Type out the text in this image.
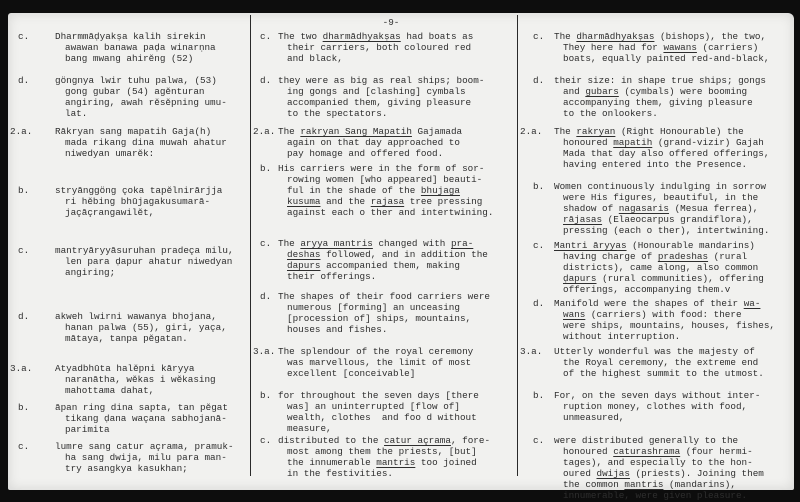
-9-
c.	Dharmmāḍyakṣa kalih sirekin
awawan banawa paḍa winarṇna
bang mwang ahirĕng (52)
d.	göngnya lwir tuhu palwa, (53)
gong gubar (54) agĕnturan
angiring, awah rĕsĕpning umu-
lat.
2.a. Rākryan sang mapatih Gaja(h)
mada rikang dina muwah ahatur
niwedyan umarĕk:
b.	stryānggöng çoka tapĕlnirārjja
ri hĕbing bhūjagakusumarā-
jaçāçrangawilĕt,
c.	mantryāryyāsuruhan pradeça milu,
len para ḍapur ahatur niwedyan
angiring;
d.	akweh lwirni wawanya bhojana,
hanan palwa (55), giri, yaça,
mātaya, tanpa pĕgatan.
3.a. Atyadbhūta halĕpni kāryya
naranātha, wĕkas i wĕkasing
mahottama dahat,
b.	āpan ring dina sapta, tan pĕgat
tikang ḍana waçana sabhojanā-
parimita
c.	lumre sang catur açrama, pramuk-
ha sang dwija, milu para man-
try asangkya kasukhan;
c. The two dharmādhyakṣas had boats as
their carriers, both coloured red
and black,
d. they were as big as real ships; boom-
ing gongs and [clashing] cymbals
accompanied them, giving pleasure
to the spectators.
2.a. The rakryan Sang Mapatih Gajamada
again on that day approached to
pay homage and offered food.
b. His carriers were in the form of sor-
rowing women [who appeared] beauti-
ful in the shade of the bhujaga
kusuma and the rajasa tree pressing
against each o ther and intertwining.
c. The aryya mantris changed with pra-
deshas followed, and in addition the
dapurs accompanied them, making
their offerings.
d. The shapes of their food carriers were
numerous [forming] an unceasing
[procession of] ships, mountains,
houses and fishes.
3.a. The splendour of the royal ceremony
was marvellous, the limit of most
excellent [conceivable]
b. for throughout the seven days [there
was] an uninterrupted [flow of]
wealth, clothes  and foo d without
measure,
c. distributed to the catur açrama, fore-
most among them the priests, [but]
the innumerable mantris too joined
in the festivities.
c. The dharmādhyakṣas (bishops), the two,
They here had for wawans (carriers)
boats, equally painted red-and-black,
d. their size: in shape true ships; gongs
and gubars (cymbals) were booming
accompanying them, giving pleasure
to the onlookers.
2.a. The rakryan (Right Honourable) the
honoured mapatih (grand-vizir) Gajah
Mada that day also offered offerings,
having entered into the Presence.
b. Women continuously indulging in sorrow
were His figures, beautiful, in the
shadow of nagasaris (Mesua ferrea),
rājasas (Elaeocarpus grandiflora),
pressing (each o ther), intertwining.
c. Mantri āryyas (Honourable mandarins)
having charge of pradeshas (rural
districts), came along, also common
ḍapurs (rural communities), offering
offerings, accompanying them.v
d. Manifold were the shapes of their wa-
wans (carriers) with food: there
were ships, mountains, houses, fishes,
without interruption.
3.a. Utterly wonderful was the majesty of
the Royal ceremony, the extreme end
of the highest summit to the utmost.
b. For, on the seven days without inter-
ruption money, clothes with food,
unmeasured,
c. were distributed generally to the
honoured caturashrama (four hermi-
tages), and especially to the hon-
oured dwijas (priests). Joining them
the common mantris (mandarins),
innumerable, were given pleasure.
